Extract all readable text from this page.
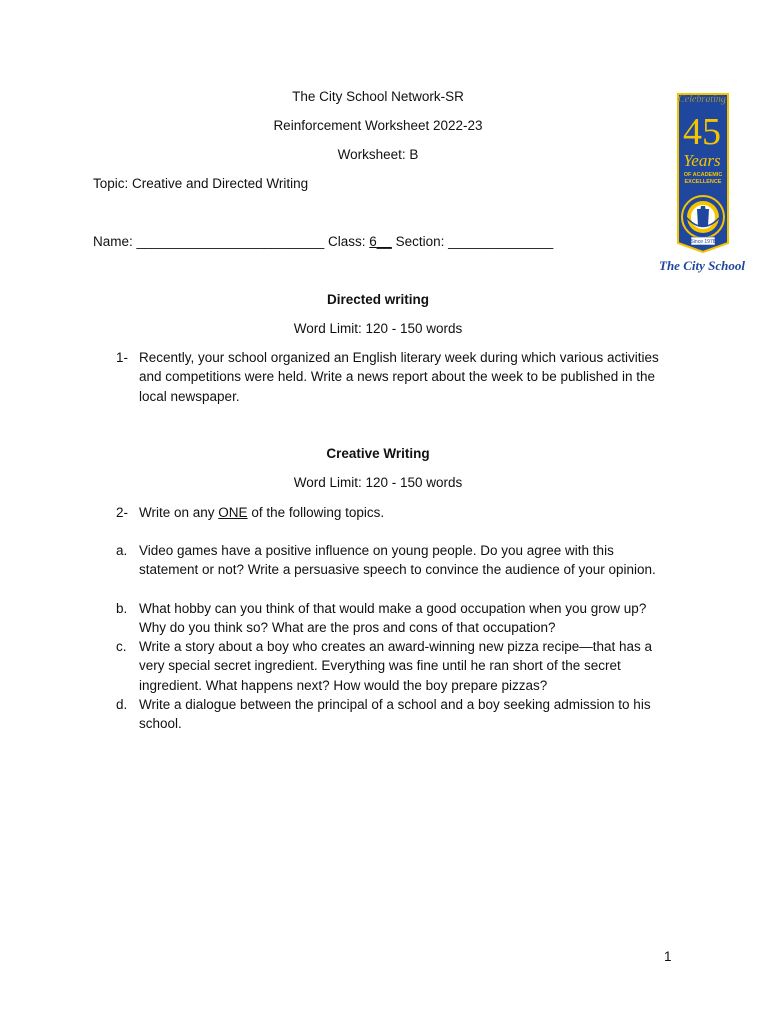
The City School Network-SR
Reinforcement Worksheet 2022-23
Worksheet: B
Topic: Creative and Directed Writing
Name: _________________________ Class: 6__ Section: ______________
Celebrating
45
Years
OF ACADEMIC
EXCELLENCE
Since 1978
The City School
Directed writing
Word Limit: 120 - 150 words
1- Recently, your school organized an English literary week during which various activities and competitions were held. Write a news report about the week to be published in the local newspaper.
Creative Writing
Word Limit: 120 - 150 words
2- Write on any ONE of the following topics.
a. Video games have a positive influence on young people. Do you agree with this statement or not? Write a persuasive speech to convince the audience of your opinion.
b. What hobby can you think of that would make a good occupation when you grow up? Why do you think so? What are the pros and cons of that occupation?
c. Write a story about a boy who creates an award-winning new pizza recipe—that has a very special secret ingredient. Everything was fine until he ran short of the secret ingredient. What happens next? How would the boy prepare pizzas?
d. Write a dialogue between the principal of a school and a boy seeking admission to his school.
1
